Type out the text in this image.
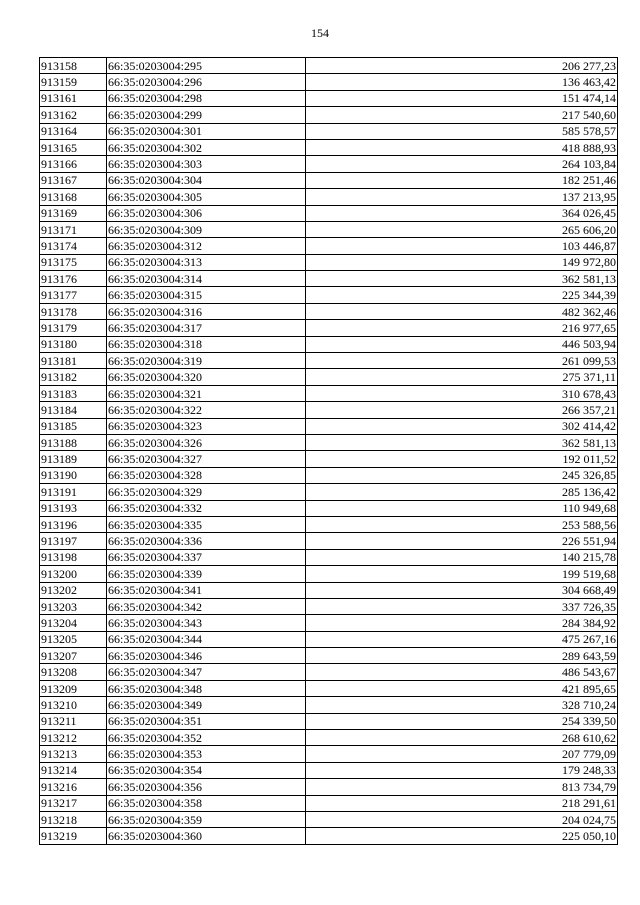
154
913158	66:35:0203004:295	206 277,23
913159	66:35:0203004:296	136 463,42
913161	66:35:0203004:298	151 474,14
913162	66:35:0203004:299	217 540,60
913164	66:35:0203004:301	585 578,57
913165	66:35:0203004:302	418 888,93
913166	66:35:0203004:303	264 103,84
913167	66:35:0203004:304	182 251,46
913168	66:35:0203004:305	137 213,95
913169	66:35:0203004:306	364 026,45
913171	66:35:0203004:309	265 606,20
913174	66:35:0203004:312	103 446,87
913175	66:35:0203004:313	149 972,80
913176	66:35:0203004:314	362 581,13
913177	66:35:0203004:315	225 344,39
913178	66:35:0203004:316	482 362,46
913179	66:35:0203004:317	216 977,65
913180	66:35:0203004:318	446 503,94
913181	66:35:0203004:319	261 099,53
913182	66:35:0203004:320	275 371,11
913183	66:35:0203004:321	310 678,43
913184	66:35:0203004:322	266 357,21
913185	66:35:0203004:323	302 414,42
913188	66:35:0203004:326	362 581,13
913189	66:35:0203004:327	192 011,52
913190	66:35:0203004:328	245 326,85
913191	66:35:0203004:329	285 136,42
913193	66:35:0203004:332	110 949,68
913196	66:35:0203004:335	253 588,56
913197	66:35:0203004:336	226 551,94
913198	66:35:0203004:337	140 215,78
913200	66:35:0203004:339	199 519,68
913202	66:35:0203004:341	304 668,49
913203	66:35:0203004:342	337 726,35
913204	66:35:0203004:343	284 384,92
913205	66:35:0203004:344	475 267,16
913207	66:35:0203004:346	289 643,59
913208	66:35:0203004:347	486 543,67
913209	66:35:0203004:348	421 895,65
913210	66:35:0203004:349	328 710,24
913211	66:35:0203004:351	254 339,50
913212	66:35:0203004:352	268 610,62
913213	66:35:0203004:353	207 779,09
913214	66:35:0203004:354	179 248,33
913216	66:35:0203004:356	813 734,79
913217	66:35:0203004:358	218 291,61
913218	66:35:0203004:359	204 024,75
913219	66:35:0203004:360	225 050,10
